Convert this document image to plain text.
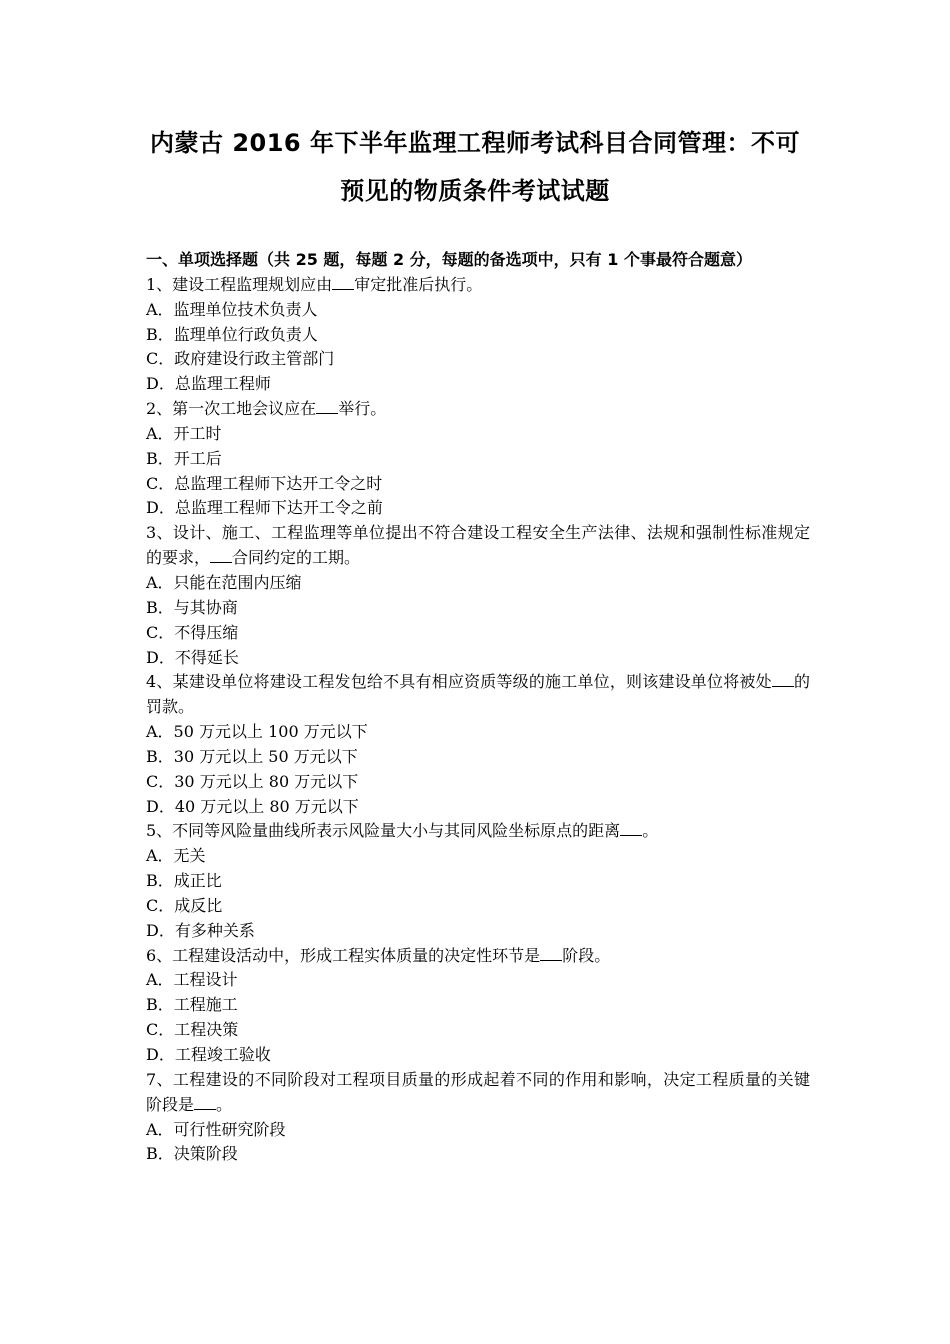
内蒙古 2016 年下半年监理工程师考试科目合同管理：不可
预见的物质条件考试试题
一、单项选择题（共 25 题，每题 2 分，每题的备选项中，只有 1 个事最符合题意）
1、建设工程监理规划应由 审定批准后执行。
A．监理单位技术负责人
B．监理单位行政负责人
C．政府建设行政主管部门
D．总监理工程师
2、第一次工地会议应在 举行。
A．开工时
B．开工后
C．总监理工程师下达开工令之时
D．总监理工程师下达开工令之前
3、设计、施工、工程监理等单位提出不符合建设工程安全生产法律、法规和强制性标准规定的要求， 合同约定的工期。
A．只能在范围内压缩
B．与其协商
C．不得压缩
D．不得延长
4、某建设单位将建设工程发包给不具有相应资质等级的施工单位，则该建设单位将被处 的罚款。
A．50 万元以上 100 万元以下
B．30 万元以上 50 万元以下
C．30 万元以上 80 万元以下
D．40 万元以上 80 万元以下
5、不同等风险量曲线所表示风险量大小与其同风险坐标原点的距离 。
A．无关
B．成正比
C．成反比
D．有多种关系
6、工程建设活动中，形成工程实体质量的决定性环节是 阶段。
A．工程设计
B．工程施工
C．工程决策
D．工程竣工验收
7、工程建设的不同阶段对工程项目质量的形成起着不同的作用和影响，决定工程质量的关键阶段是 。
A．可行性研究阶段
B．决策阶段
